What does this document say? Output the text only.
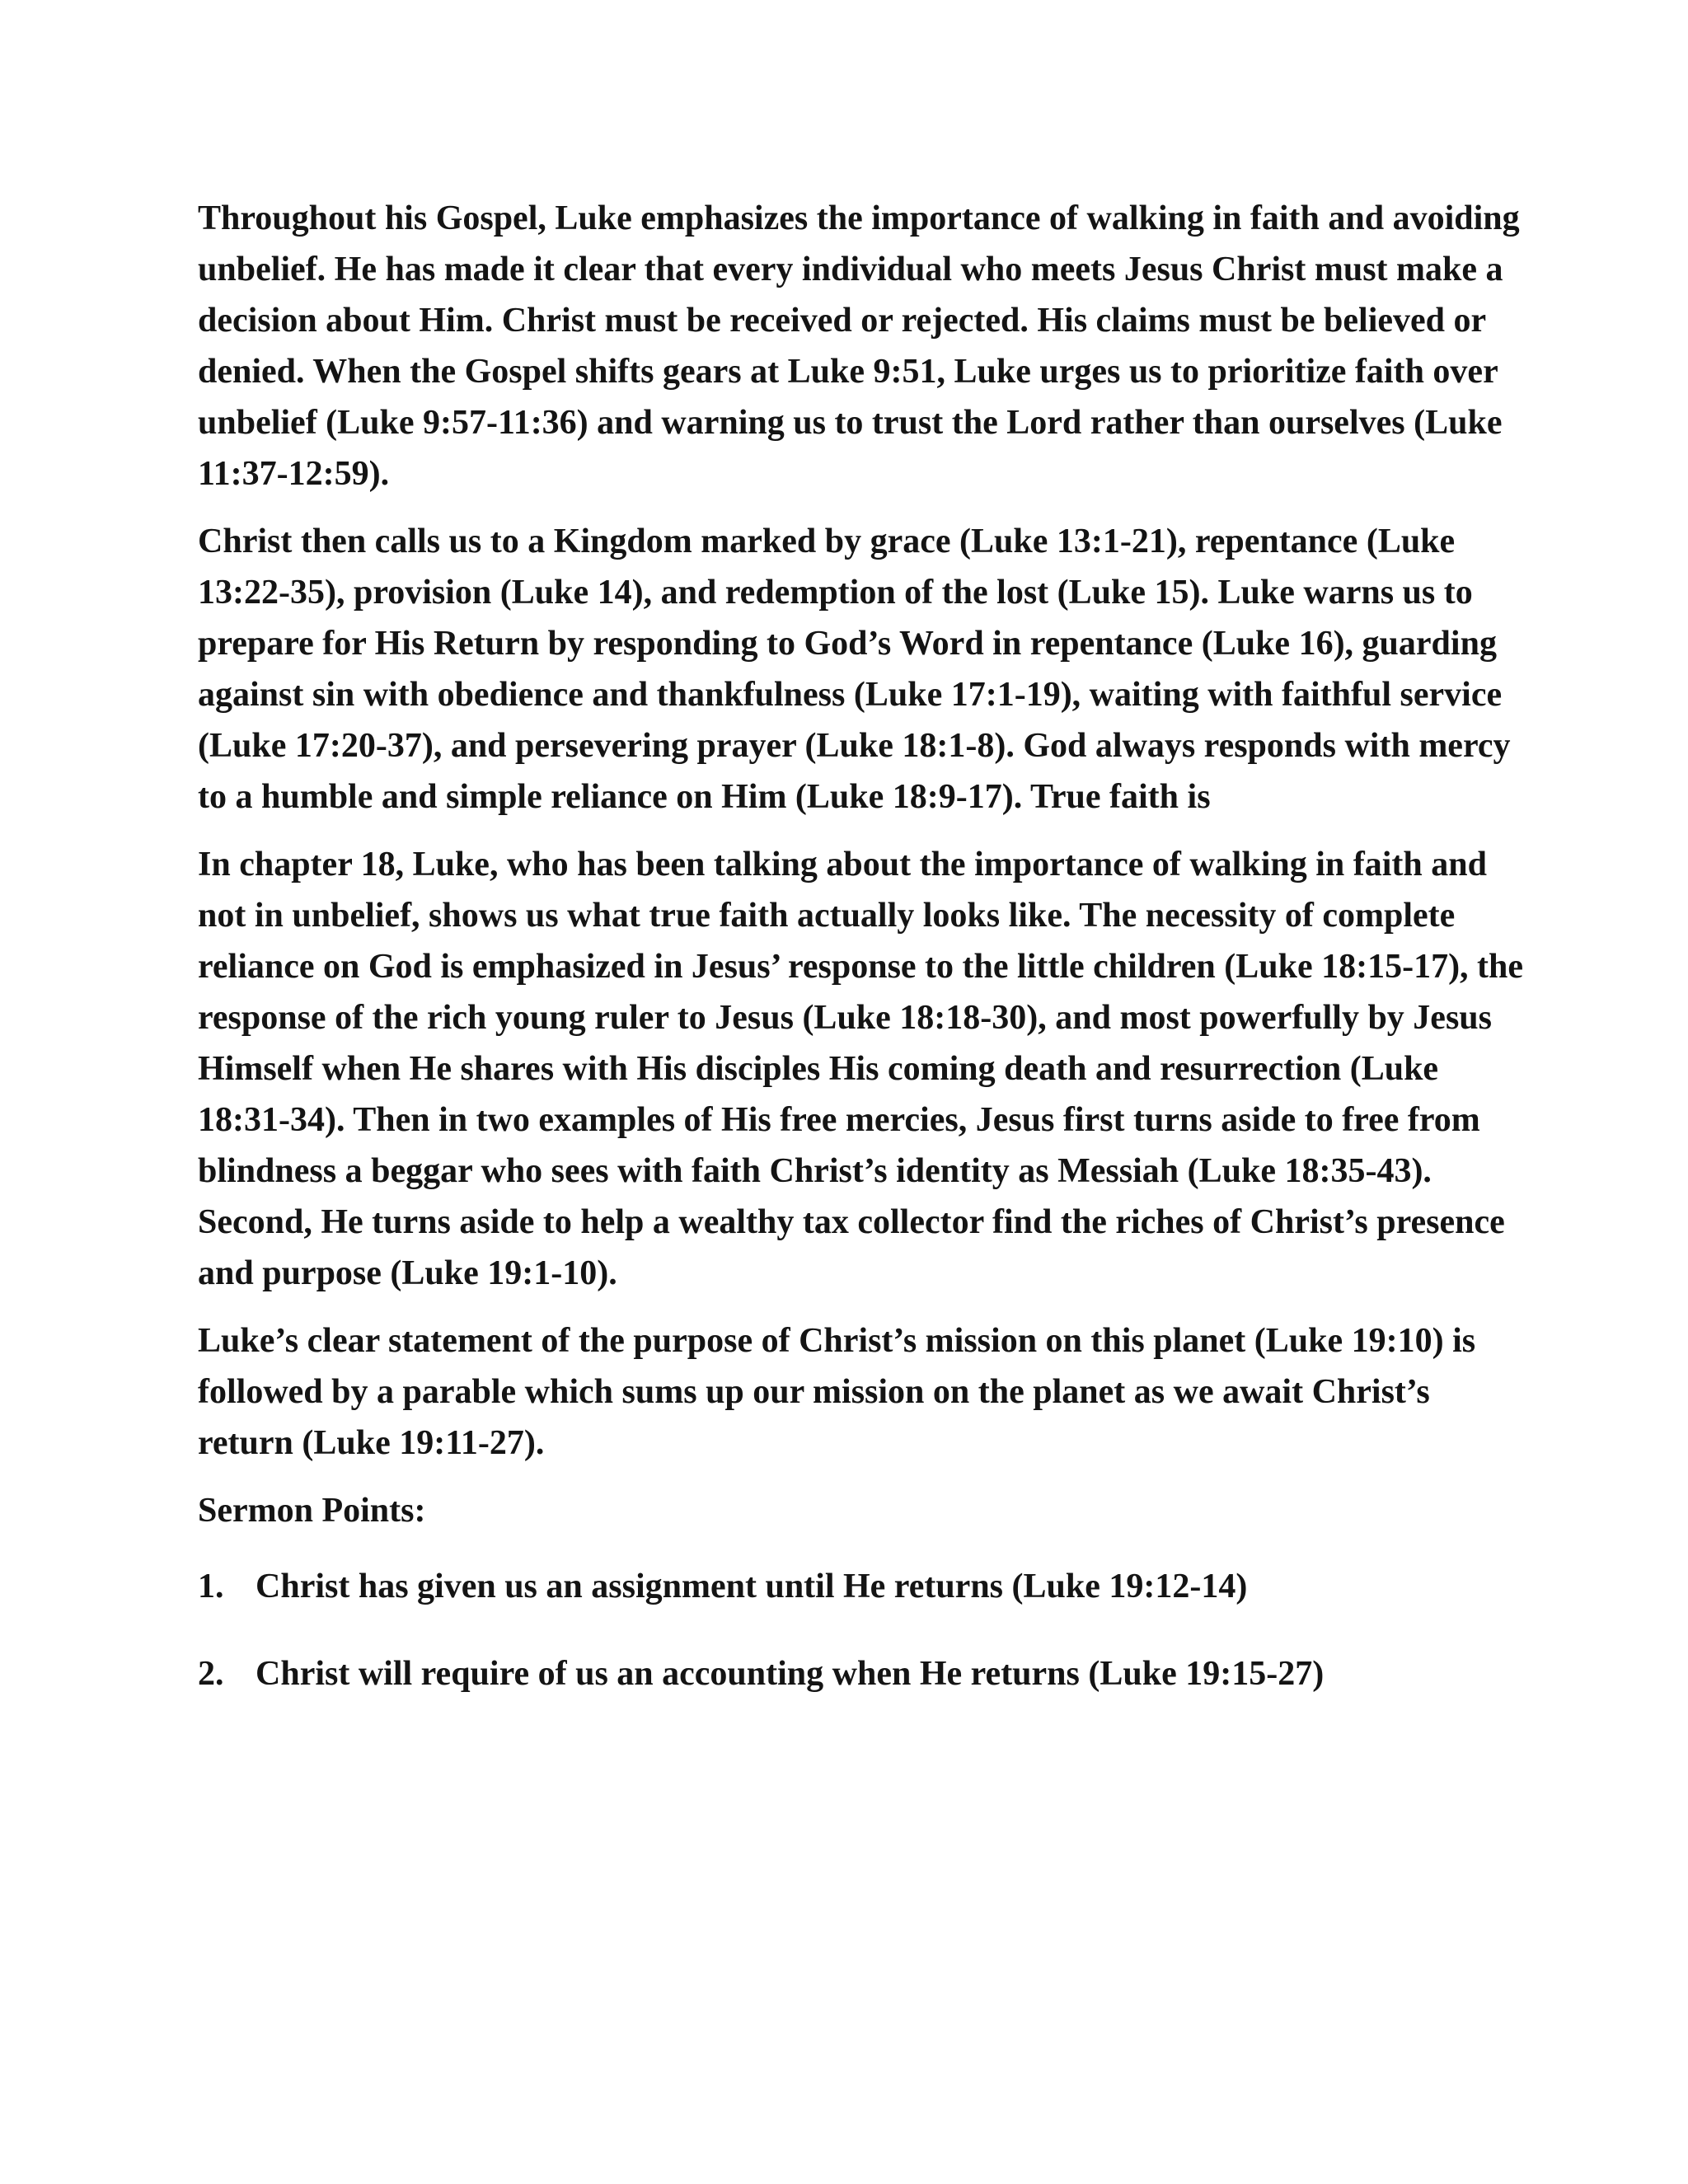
Throughout his Gospel, Luke emphasizes the importance of walking in faith and avoiding unbelief. He has made it clear that every individual who meets Jesus Christ must make a decision about Him. Christ must be received or rejected. His claims must be believed or denied. When the Gospel shifts gears at Luke 9:51, Luke urges us to prioritize faith over unbelief (Luke 9:57-11:36) and warning us to trust the Lord rather than ourselves (Luke 11:37-12:59).

Christ then calls us to a Kingdom marked by grace (Luke 13:1-21), repentance (Luke 13:22-35), provision (Luke 14), and redemption of the lost (Luke 15). Luke warns us to prepare for His Return by responding to God’s Word in repentance (Luke 16), guarding against sin with obedience and thankfulness (Luke 17:1-19), waiting with faithful service (Luke 17:20-37), and persevering prayer (Luke 18:1-8). God always responds with mercy to a humble and simple reliance on Him (Luke 18:9-17). True faith is

In chapter 18, Luke, who has been talking about the importance of walking in faith and not in unbelief, shows us what true faith actually looks like. The necessity of complete reliance on God is emphasized in Jesus’ response to the little children (Luke 18:15-17), the response of the rich young ruler to Jesus (Luke 18:18-30), and most powerfully by Jesus Himself when He shares with His disciples His coming death and resurrection (Luke 18:31-34). Then in two examples of His free mercies, Jesus first turns aside to free from blindness a beggar who sees with faith Christ’s identity as Messiah (Luke 18:35-43). Second, He turns aside to help a wealthy tax collector find the riches of Christ’s presence and purpose (Luke 19:1-10).

Luke’s clear statement of the purpose of Christ’s mission on this planet (Luke 19:10) is followed by a parable which sums up our mission on the planet as we await Christ’s return (Luke 19:11-27).

Sermon Points:

1. Christ has given us an assignment until He returns (Luke 19:12-14)
2. Christ will require of us an accounting when He returns (Luke 19:15-27)
